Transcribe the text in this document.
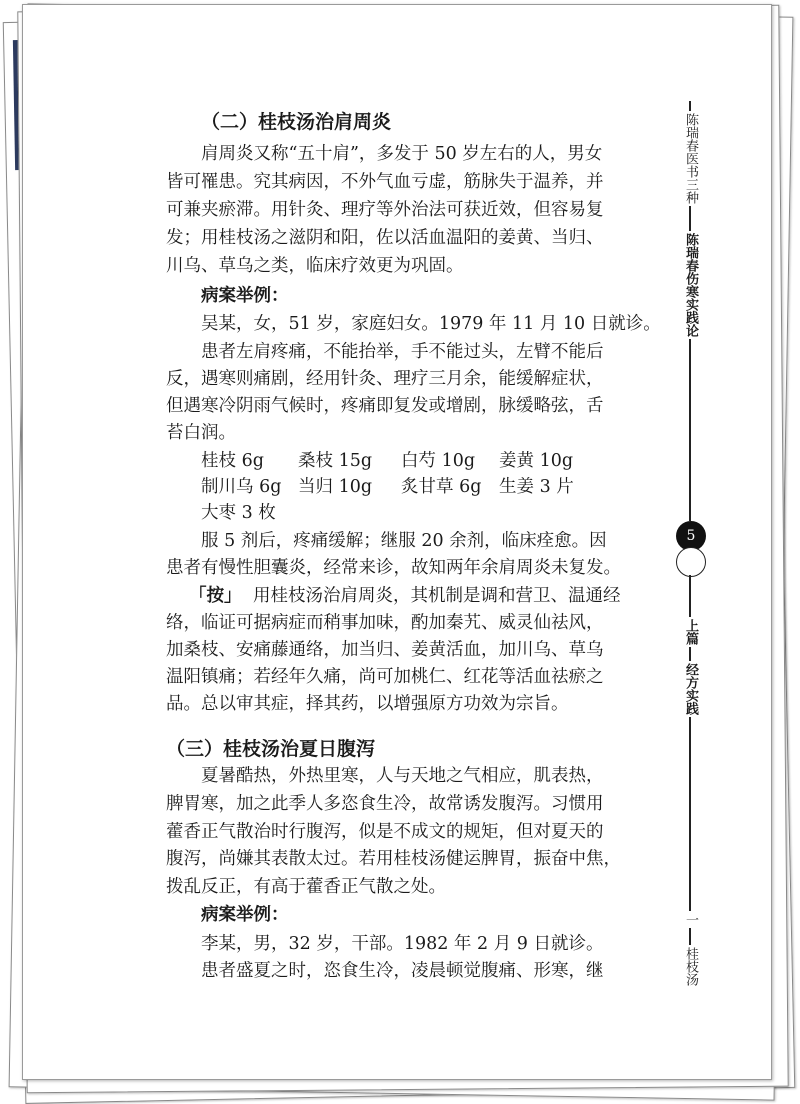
（二）桂枝汤治肩周炎
肩周炎又称“五十肩”，多发于 50 岁左右的人，男女
皆可罹患。究其病因，不外气血亏虚，筋脉失于温养，并
可兼夹瘀滞。用针灸、理疗等外治法可获近效，但容易复
发；用桂枝汤之滋阴和阳，佐以活血温阳的姜黄、当归、
川乌、草乌之类，临床疗效更为巩固。
病案举例：
吴某，女，51 岁，家庭妇女。1979 年 11 月 10 日就诊。
患者左肩疼痛，不能抬举，手不能过头，左臂不能后
反，遇寒则痛剧，经用针灸、理疗三月余，能缓解症状，
但遇寒冷阴雨气候时，疼痛即复发或增剧，脉缓略弦，舌
苔白润。
桂枝 6g 桑枝 15g 白芍 10g 姜黄 10g
制川乌 6g 当归 10g 炙甘草 6g 生姜 3 片
大枣 3 枚
服 5 剂后，疼痛缓解；继服 20 余剂，临床痊愈。因
患者有慢性胆囊炎，经常来诊，故知两年余肩周炎未复发。
「按」 用桂枝汤治肩周炎，其机制是调和营卫、温通经
络，临证可据病症而稍事加味，酌加秦艽、威灵仙祛风，
加桑枝、安痛藤通络，加当归、姜黄活血，加川乌、草乌
温阳镇痛；若经年久痛，尚可加桃仁、红花等活血祛瘀之
品。总以审其症，择其药，以增强原方功效为宗旨。
（三）桂枝汤治夏日腹泻
夏暑酷热，外热里寒，人与天地之气相应，肌表热，
脾胃寒，加之此季人多恣食生冷，故常诱发腹泻。习惯用
藿香正气散治时行腹泻，似是不成文的规矩，但对夏天的
腹泻，尚嫌其表散太过。若用桂枝汤健运脾胃，振奋中焦，
拨乱反正，有高于藿香正气散之处。
病案举例：
李某，男，32 岁，干部。1982 年 2 月 9 日就诊。
患者盛夏之时，恣食生冷，凌晨顿觉腹痛、形寒，继
陈瑞春医书三种
陈瑞春伤寒实践论
5
上篇
经方实践
一
桂枝汤
